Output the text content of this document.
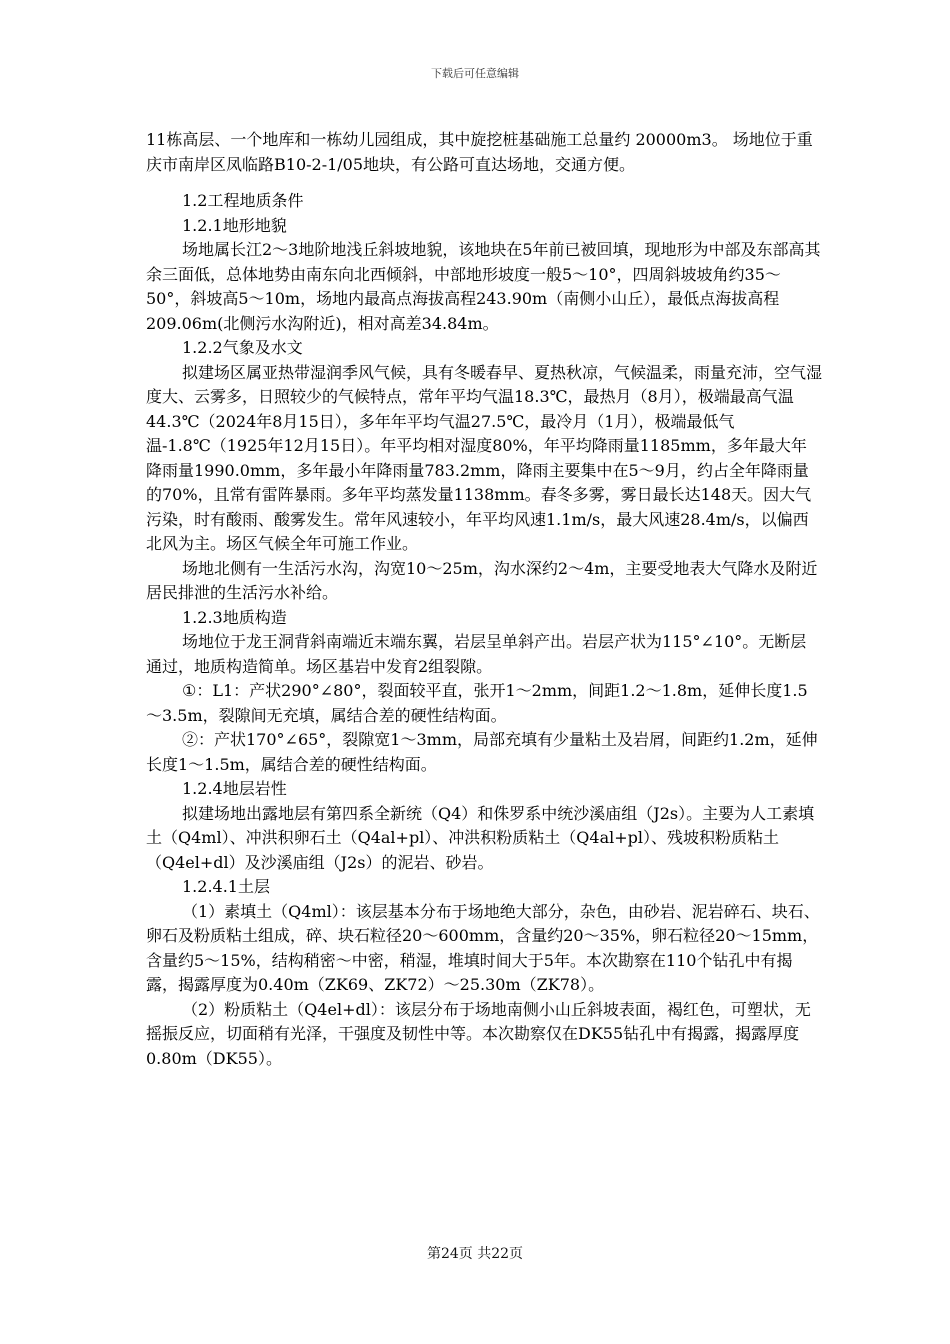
下载后可任意编辑

11栋高层、一个地库和一栋幼儿园组成，其中旋挖桩基础施工总量约 20000m3。 场地位于重庆市南岸区凤临路B10-2-1/05地块，有公路可直达场地，交通方便。

1.2工程地质条件

1.2.1地形地貌

场地属长江2～3地阶地浅丘斜坡地貌，该地块在5年前已被回填，现地形为中部及东部高其余三面低，总体地势由南东向北西倾斜，中部地形坡度一般5～10°，四周斜坡坡角约35～50°，斜坡高5～10m，场地内最高点海拔高程243.90m（南侧小山丘），最低点海拔高程209.06m(北侧污水沟附近)，相对高差34.84m。

1.2.2气象及水文

拟建场区属亚热带湿润季风气候，具有冬暖春早、夏热秋凉，气候温柔，雨量充沛，空气湿度大、云雾多，日照较少的气候特点，常年平均气温18.3℃，最热月（8月），极端最高气温44.3℃（2024年8月15日），多年年平均气温27.5℃，最冷月（1月），极端最低气温-1.8℃（1925年12月15日）。年平均相对湿度80%，年平均降雨量1185mm，多年最大年降雨量1990.0mm，多年最小年降雨量783.2mm，降雨主要集中在5～9月，约占全年降雨量的70%，且常有雷阵暴雨。多年平均蒸发量1138mm。春冬多雾，雾日最长达148天。因大气污染，时有酸雨、酸雾发生。常年风速较小，年平均风速1.1m/s，最大风速28.4m/s，以偏西北风为主。场区气候全年可施工作业。

场地北侧有一生活污水沟，沟宽10～25m，沟水深约2～4m，主要受地表大气降水及附近居民排泄的生活污水补给。

1.2.3地质构造

场地位于龙王洞背斜南端近末端东翼，岩层呈单斜产出。岩层产状为115°∠10°。无断层通过，地质构造简单。场区基岩中发育2组裂隙。

①：L1：产状290°∠80°，裂面较平直，张开1～2mm，间距1.2～1.8m，延伸长度1.5～3.5m，裂隙间无充填，属结合差的硬性结构面。

②：产状170°∠65°，裂隙宽1～3mm，局部充填有少量粘土及岩屑，间距约1.2m，延伸长度1～1.5m，属结合差的硬性结构面。

1.2.4地层岩性

拟建场地出露地层有第四系全新统（Q4）和侏罗系中统沙溪庙组（J2s）。主要为人工素填土（Q4ml）、冲洪积卵石土（Q4al+pl）、冲洪积粉质粘土（Q4al+pl）、残坡积粉质粘土（Q4el+dl）及沙溪庙组（J2s）的泥岩、砂岩。

1.2.4.1土层

（1）素填土（Q4ml）：该层基本分布于场地绝大部分，杂色，由砂岩、泥岩碎石、块石、卵石及粉质粘土组成，碎、块石粒径20～600mm，含量约20～35%，卵石粒径20～15mm，含量约5～15%，结构稍密～中密，稍湿，堆填时间大于5年。本次勘察在110个钻孔中有揭露，揭露厚度为0.40m（ZK69、ZK72）～25.30m（ZK78）。

（2）粉质粘土（Q4el+dl）：该层分布于场地南侧小山丘斜坡表面，褐红色，可塑状，无摇振反应，切面稍有光泽，干强度及韧性中等。本次勘察仅在DK55钻孔中有揭露，揭露厚度0.80m（DK55）。

第24页 共22页
